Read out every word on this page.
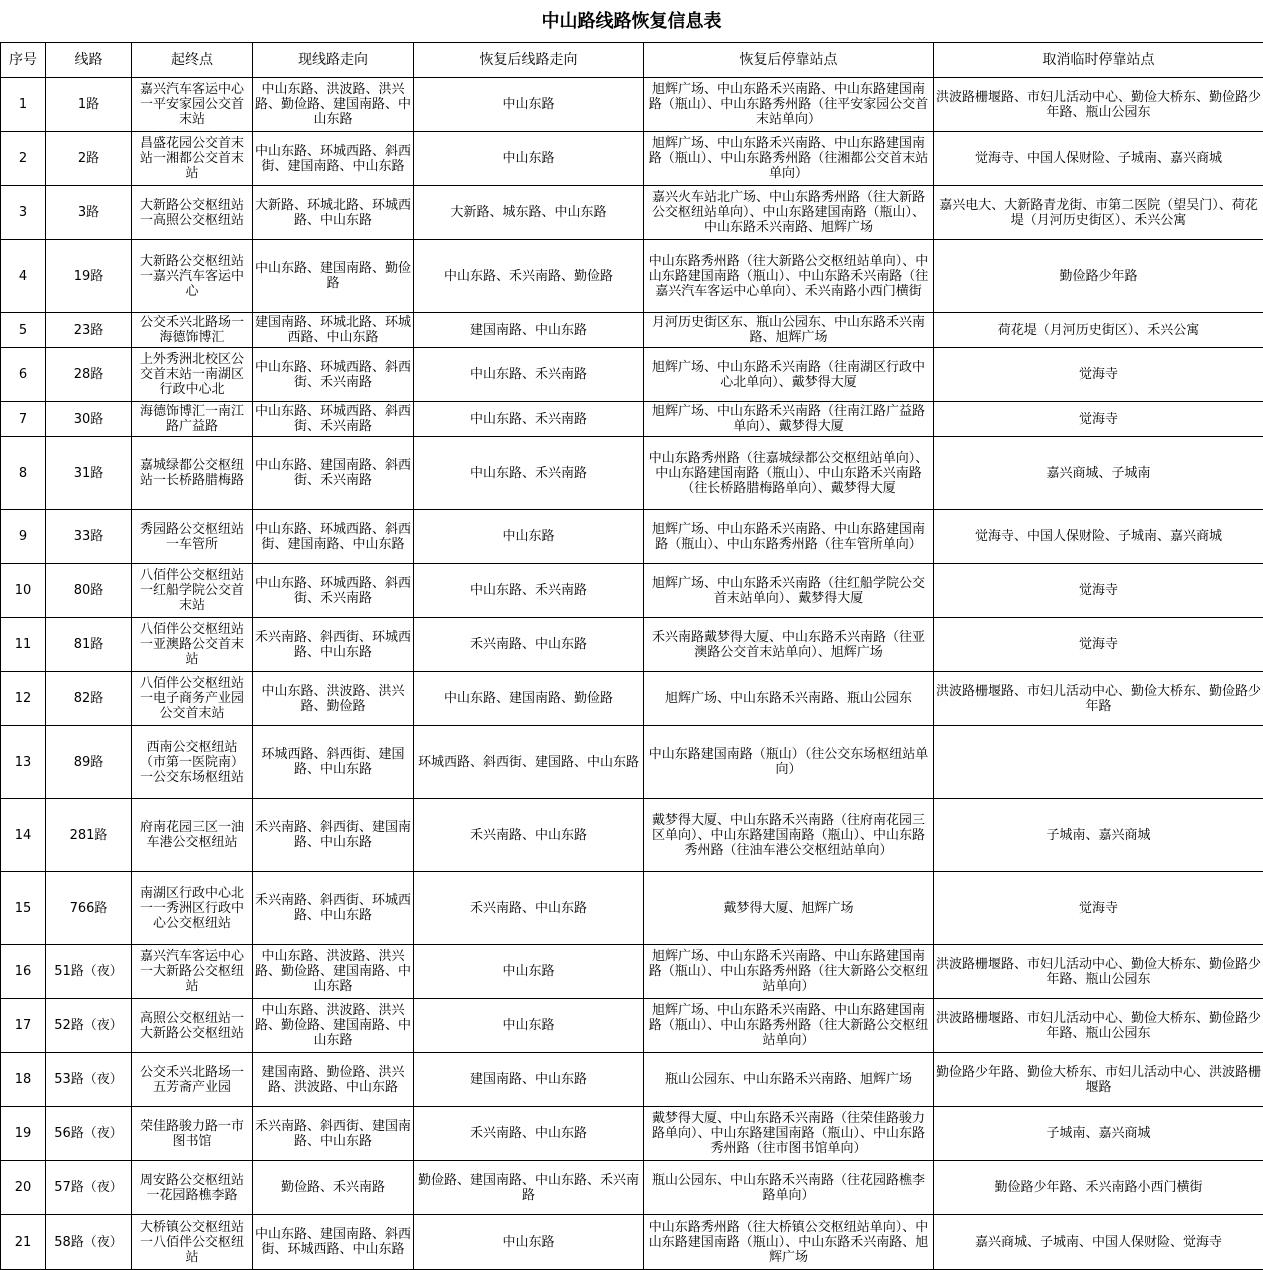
中山路线路恢复信息表
序号	线路	起终点	现线路走向	恢复后线路走向	恢复后停靠站点	取消临时停靠站点
1	1路	嘉兴汽车客运中心一平安家园公交首末站	中山东路、洪波路、洪兴路、勤俭路、建国南路、中山东路	中山东路	旭辉广场、中山东路禾兴南路、中山东路建国南路（瓶山）、中山东路秀州路（往平安家园公交首末站单向）	洪波路栅堰路、市妇儿活动中心、勤俭大桥东、勤俭路少年路、瓶山公园东
2	2路	昌盛花园公交首末站一湘都公交首末站	中山东路、环城西路、斜西街、建国南路、中山东路	中山东路	旭辉广场、中山东路禾兴南路、中山东路建国南路（瓶山）、中山东路秀州路（往湘都公交首末站单向）	觉海寺、中国人保财险、子城南、嘉兴商城
3	3路	大新路公交枢纽站一高照公交枢纽站	大新路、环城北路、环城西路、中山东路	大新路、城东路、中山东路	嘉兴火车站北广场、中山东路秀州路（往大新路公交枢纽站单向）、中山东路建国南路（瓶山）、中山东路禾兴南路、旭辉广场	嘉兴电大、大新路青龙街、市第二医院（望吴门）、荷花堤（月河历史街区）、禾兴公寓
4	19路	大新路公交枢纽站一嘉兴汽车客运中心	中山东路、建国南路、勤俭路	中山东路、禾兴南路、勤俭路	中山东路秀州路（往大新路公交枢纽站单向）、中山东路建国南路（瓶山）、中山东路禾兴南路（往嘉兴汽车客运中心单向）、禾兴南路小西门横街	勤俭路少年路
5	23路	公交禾兴北路场一海德饰博汇	建国南路、环城北路、环城西路、中山东路	建国南路、中山东路	月河历史街区东、瓶山公园东、中山东路禾兴南路、旭辉广场	荷花堤（月河历史街区）、禾兴公寓
6	28路	上外秀洲北校区公交首末站一南湖区行政中心北	中山东路、环城西路、斜西街、禾兴南路	中山东路、禾兴南路	旭辉广场、中山东路禾兴南路（往南湖区行政中心北单向）、戴梦得大厦	觉海寺
7	30路	海德饰博汇一南江路广益路	中山东路、环城西路、斜西街、禾兴南路	中山东路、禾兴南路	旭辉广场、中山东路禾兴南路（往南江路广益路单向）、戴梦得大厦	觉海寺
8	31路	嘉城绿都公交枢纽站一长桥路腊梅路	中山东路、建国南路、斜西街、禾兴南路	中山东路、禾兴南路	中山东路秀州路（往嘉城绿都公交枢纽站单向）、中山东路建国南路（瓶山）、中山东路禾兴南路（往长桥路腊梅路单向）、戴梦得大厦	嘉兴商城、子城南
9	33路	秀园路公交枢纽站一车管所	中山东路、环城西路、斜西街、建国南路、中山东路	中山东路	旭辉广场、中山东路禾兴南路、中山东路建国南路（瓶山）、中山东路秀州路（往车管所单向）	觉海寺、中国人保财险、子城南、嘉兴商城
10	80路	八佰伴公交枢纽站一红船学院公交首末站	中山东路、环城西路、斜西街、禾兴南路	中山东路、禾兴南路	旭辉广场、中山东路禾兴南路（往红船学院公交首末站单向）、戴梦得大厦	觉海寺
11	81路	八佰伴公交枢纽站一亚澳路公交首末站	禾兴南路、斜西街、环城西路、中山东路	禾兴南路、中山东路	禾兴南路戴梦得大厦、中山东路禾兴南路（往亚澳路公交首末站单向）、旭辉广场	觉海寺
12	82路	八佰伴公交枢纽站一电子商务产业园公交首末站	中山东路、洪波路、洪兴路、勤俭路	中山东路、建国南路、勤俭路	旭辉广场、中山东路禾兴南路、瓶山公园东	洪波路栅堰路、市妇儿活动中心、勤俭大桥东、勤俭路少年路
13	89路	西南公交枢纽站（市第一医院南）一公交东场枢纽站	环城西路、斜西街、建国路、中山东路	环城西路、斜西街、建国路、中山东路	中山东路建国南路（瓶山）（往公交东场枢纽站单向）	
14	281路	府南花园三区一油车港公交枢纽站	禾兴南路、斜西街、建国南路、中山东路	禾兴南路、中山东路	戴梦得大厦、中山东路禾兴南路（往府南花园三区单向）、中山东路建国南路（瓶山）、中山东路秀州路（往油车港公交枢纽站单向）	子城南、嘉兴商城
15	766路	南湖区行政中心北一一秀洲区行政中心公交枢纽站	禾兴南路、斜西街、环城西路、中山东路	禾兴南路、中山东路	戴梦得大厦、旭辉广场	觉海寺
16	51路（夜）	嘉兴汽车客运中心一大新路公交枢纽站	中山东路、洪波路、洪兴路、勤俭路、建国南路、中山东路	中山东路	旭辉广场、中山东路禾兴南路、中山东路建国南路（瓶山）、中山东路秀州路（往大新路公交枢纽站单向）	洪波路栅堰路、市妇儿活动中心、勤俭大桥东、勤俭路少年路、瓶山公园东
17	52路（夜）	高照公交枢纽站一大新路公交枢纽站	中山东路、洪波路、洪兴路、勤俭路、建国南路、中山东路	中山东路	旭辉广场、中山东路禾兴南路、中山东路建国南路（瓶山）、中山东路秀州路（往大新路公交枢纽站单向）	洪波路栅堰路、市妇儿活动中心、勤俭大桥东、勤俭路少年路、瓶山公园东
18	53路（夜）	公交禾兴北路场一五芳斋产业园	建国南路、勤俭路、洪兴路、洪波路、中山东路	建国南路、中山东路	瓶山公园东、中山东路禾兴南路、旭辉广场	勤俭路少年路、勤俭大桥东、市妇儿活动中心、洪波路栅堰路
19	56路（夜）	荣佳路骏力路一市图书馆	禾兴南路、斜西街、建国南路、中山东路	禾兴南路、中山东路	戴梦得大厦、中山东路禾兴南路（往荣佳路骏力路单向）、中山东路建国南路（瓶山）、中山东路秀州路（往市图书馆单向）	子城南、嘉兴商城
20	57路（夜）	周安路公交枢纽站一花园路樵李路	勤俭路、禾兴南路	勤俭路、建国南路、中山东路、禾兴南路	瓶山公园东、中山东路禾兴南路（往花园路樵李路单向）	勤俭路少年路、禾兴南路小西门横街
21	58路（夜）	大桥镇公交枢纽站一八佰伴公交枢纽站	中山东路、建国南路、斜西街、环城西路、中山东路	中山东路	中山东路秀州路（往大桥镇公交枢纽站单向）、中山东路建国南路（瓶山）、中山东路禾兴南路、旭辉广场	嘉兴商城、子城南、中国人保财险、觉海寺
